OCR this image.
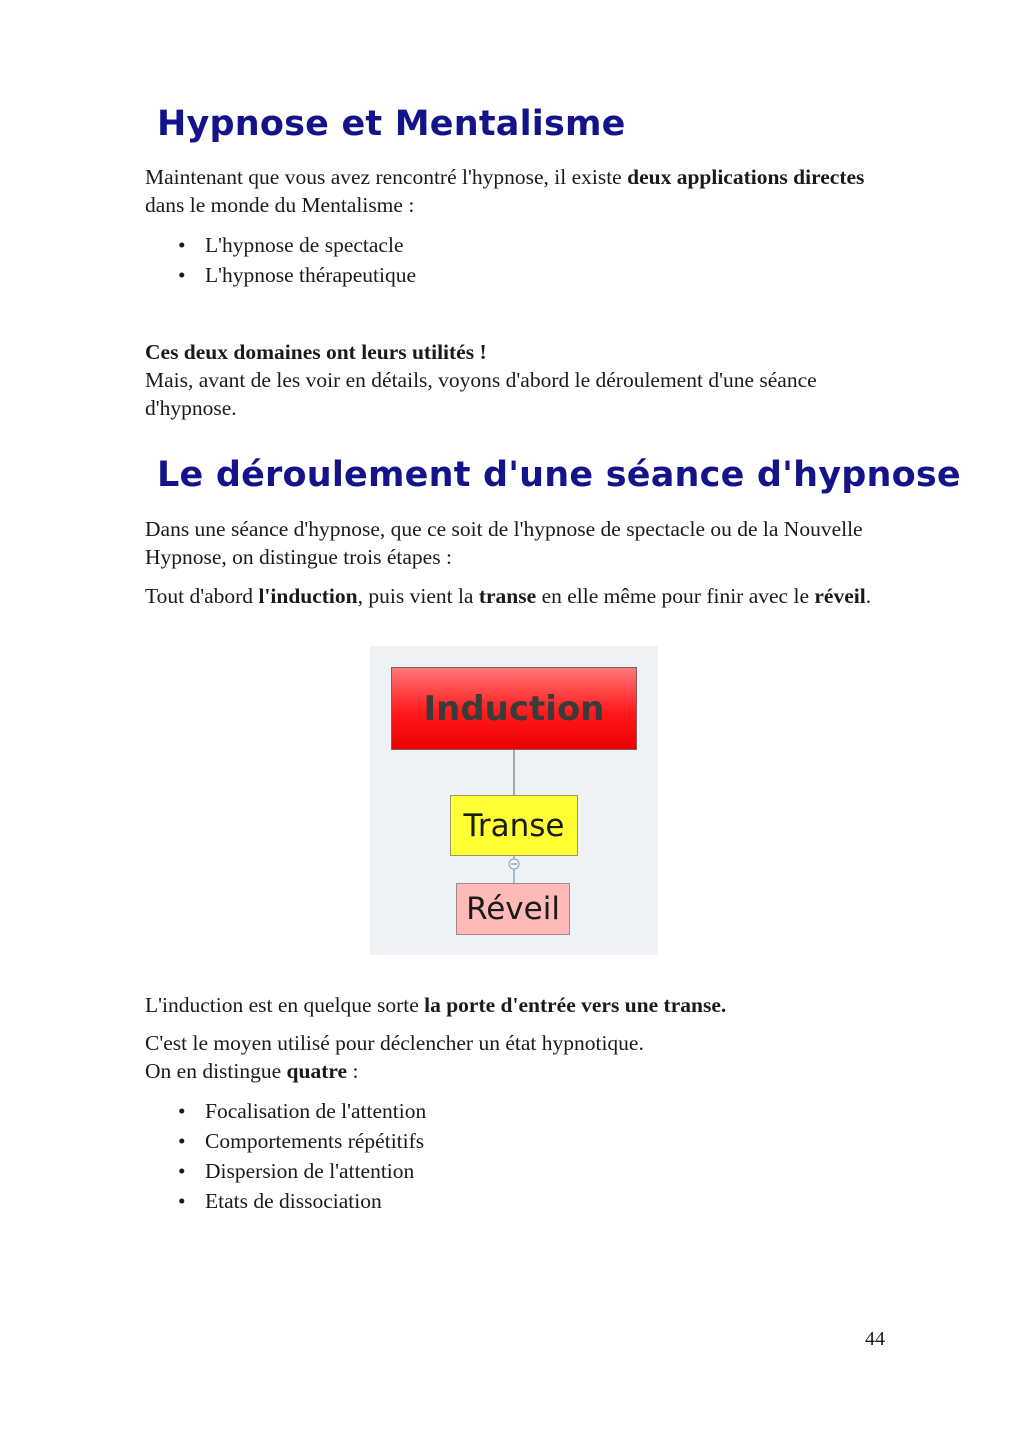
Hypnose et Mentalisme

Maintenant que vous avez rencontré l'hypnose, il existe deux applications directes dans le monde du Mentalisme :

• L'hypnose de spectacle
• L'hypnose thérapeutique

Ces deux domaines ont leurs utilités !
Mais, avant de les voir en détails, voyons d'abord le déroulement d'une séance d'hypnose.

Le déroulement d'une séance d'hypnose

Dans une séance d'hypnose, que ce soit de l'hypnose de spectacle ou de la Nouvelle Hypnose, on distingue trois étapes :

Tout d'abord l'induction, puis vient la transe en elle même pour finir avec le réveil.

Induction
Transe
Réveil

L'induction est en quelque sorte la porte d'entrée vers une transe.

C'est le moyen utilisé pour déclencher un état hypnotique.
On en distingue quatre :

• Focalisation de l'attention
• Comportements répétitifs
• Dispersion de l'attention
• Etats de dissociation
44
